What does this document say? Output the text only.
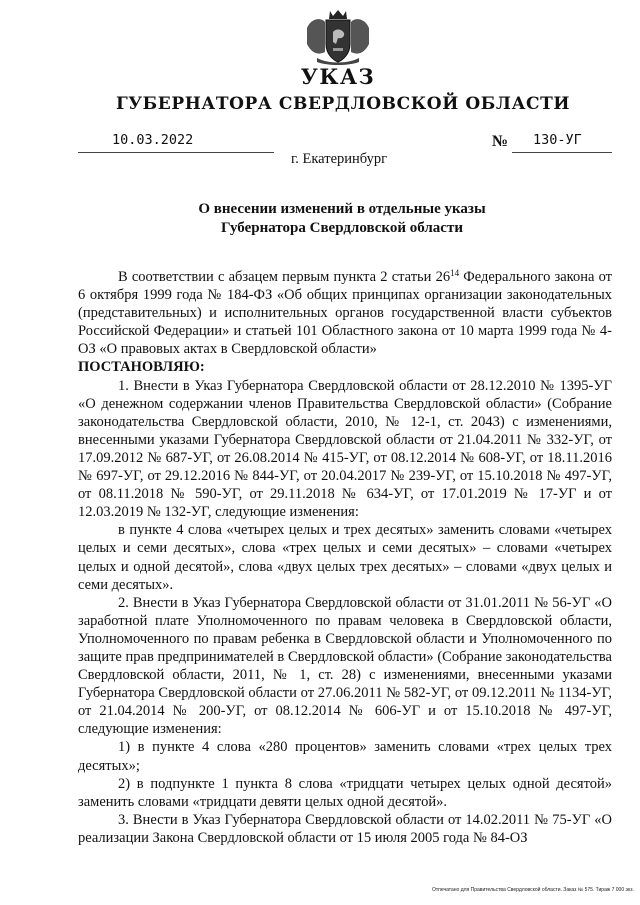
УКАЗ
ГУБЕРНАТОРА СВЕРДЛОВСКОЙ ОБЛАСТИ
10.03.2022	№ 130-УГ
г. Екатеринбург
О внесении изменений в отдельные указы
Губернатора Свердловской области

В соответствии с абзацем первым пункта 2 статьи $26^{14}$ Федерального закона от 6 октября 1999 года № 184-ФЗ «Об общих принципах организации законодательных (представительных) и исполнительных органов государственной власти субъектов Российской Федерации» и статьей 101 Областного закона от 10 марта 1999 года № 4-ОЗ «О правовых актах в Свердловской области»

ПОСТАНОВЛЯЮ:

1. Внести в Указ Губернатора Свердловской области от 28.12.2010 № 1395-УГ «О денежном содержании членов Правительства Свердловской области» (Собрание законодательства Свердловской области, 2010, № 12-1, ст. 2043) с изменениями, внесенными указами Губернатора Свердловской области от 21.04.2011 № 332-УГ, от 17.09.2012 № 687-УГ, от 26.08.2014 № 415-УГ, от 08.12.2014 № 608-УГ, от 18.11.2016 № 697-УГ, от 29.12.2016 № 844-УГ, от 20.04.2017 № 239-УГ, от 15.10.2018 № 497-УГ, от 08.11.2018 № 590-УГ, от 29.11.2018 № 634-УГ, от 17.01.2019 № 17-УГ и от 12.03.2019 № 132-УГ, следующие изменения:

в пункте 4 слова «четырех целых и трех десятых» заменить словами «четырех целых и семи десятых», слова «трех целых и семи десятых» – словами «четырех целых и одной десятой», слова «двух целых трех десятых» – словами «двух целых и семи десятых».

2. Внести в Указ Губернатора Свердловской области от 31.01.2011 № 56-УГ «О заработной плате Уполномоченного по правам человека в Свердловской области, Уполномоченного по правам ребенка в Свердловской области и Уполномоченного по защите прав предпринимателей в Свердловской области» (Собрание законодательства Свердловской области, 2011, № 1, ст. 28) с изменениями, внесенными указами Губернатора Свердловской области от 27.06.2011 № 582-УГ, от 09.12.2011 № 1134-УГ, от 21.04.2014 № 200-УГ, от 08.12.2014 № 606-УГ и от 15.10.2018 № 497-УГ, следующие изменения:

1) в пункте 4 слова «280 процентов» заменить словами «трех целых трех десятых»;

2) в подпункте 1 пункта 8 слова «тридцати четырех целых одной десятой» заменить словами «тридцати девяти целых одной десятой».

3. Внести в Указ Губернатора Свердловской области от 14.02.2011 № 75-УГ «О реализации Закона Свердловской области от 15 июля 2005 года № 84-ОЗ

Отпечатано для Правительства Свердловской области. Заказ № 575. Тираж 7 000 экз.
